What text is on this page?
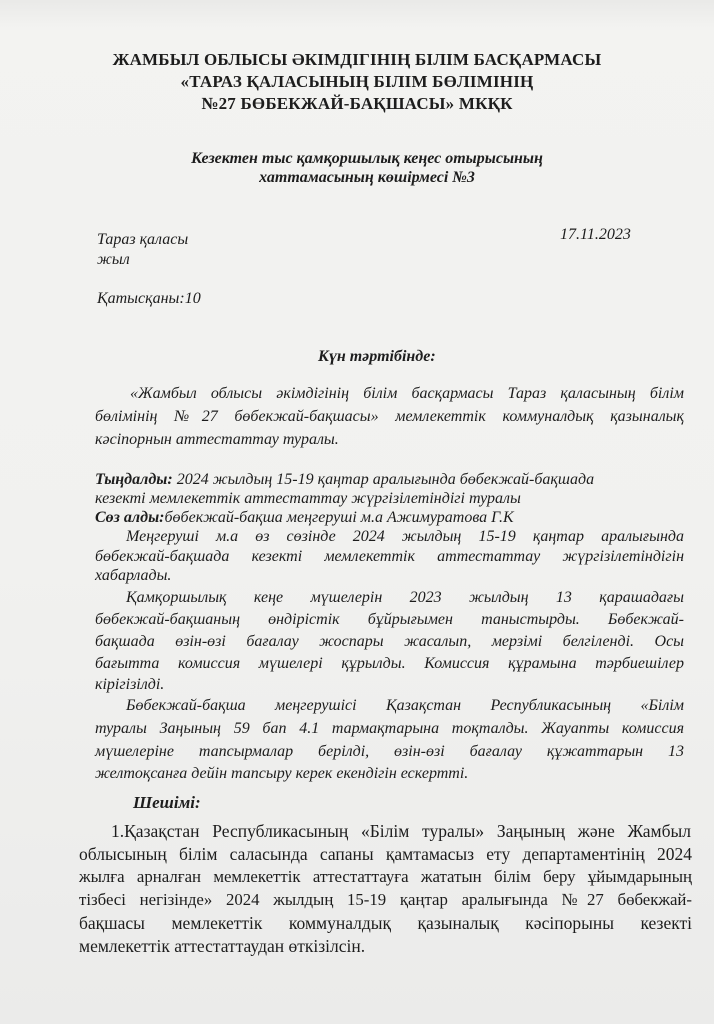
ЖАМБЫЛ ОБЛЫСЫ ӘКІМДІГІНІҢ БІЛІМ БАСҚАРМАСЫ
«ТАРАЗ ҚАЛАСЫНЫҢ БІЛІМ БӨЛІМІНІҢ
№27 БӨБЕКЖАЙ-БАҚШАСЫ» МКҚК
Кезектен тыс қамқоршылық кеңес отырысының
хаттамасының көшірмесі №3
Тараз қаласы	17.11.2023
жыл
Қатысқаны:10
Күн тәртібінде:
«Жамбыл облысы әкімдігінің білім басқармасы Тараз қаласының білім
бөлімінің №27 бөбекжай-бақшасы» мемлекеттік коммуналдық қазыналық
кәсіпорнын аттестаттау туралы.
Тыңдалды: 2024 жылдың 15-19 қаңтар аралығында бөбекжай-бақшада
кезекті мемлекеттік аттестаттау жүргізілетіндігі туралы
Сөз алды:бөбекжай-бақша меңгеруші м.а Ажимуратова Г.К
Меңгеруші м.а өз сөзінде 2024 жылдың 15-19 қаңтар аралығында
бөбекжай-бақшада кезекті мемлекеттік аттестаттау жүргізілетіндігін
хабарлады.
Қамқоршылық кеңе мүшелерін 2023 жылдың 13 қарашадағы
бөбекжай-бақшаның өндірістік бұйрығымен таныстырды. Бөбекжай-
бақшада өзін-өзі бағалау жоспары жасалып, мерзімі белгіленді. Осы
бағытта комиссия мүшелері құрылды. Комиссия құрамына тәрбиешілер
кірігізілді.
Бөбекжай-бақша меңгерушісі Қазақстан Республикасының «Білім
туралы Заңының 59 бап 4.1 тармақтарына тоқталды. Жауапты комиссия
мүшелеріне тапсырмалар берілді, өзін-өзі бағалау құжаттарын 13
желтоқсанға дейін тапсыру керек екендігін ескертті.
Шешімі:
1.Қазақстан Республикасының «Білім туралы» Заңының және Жамбыл
облысының білім саласында сапаны қамтамасыз ету департаментінің 2024
жылға арналған мемлекеттік аттестаттауға жататын білім беру ұйымдарының
тізбесі негізінде» 2024 жылдың 15-19 қаңтар аралығында №27 бөбекжай-
бақшасы мемлекеттік коммуналдық қазыналық кәсіпорыны кезекті
мемлекеттік аттестаттаудан өткізілсін.
